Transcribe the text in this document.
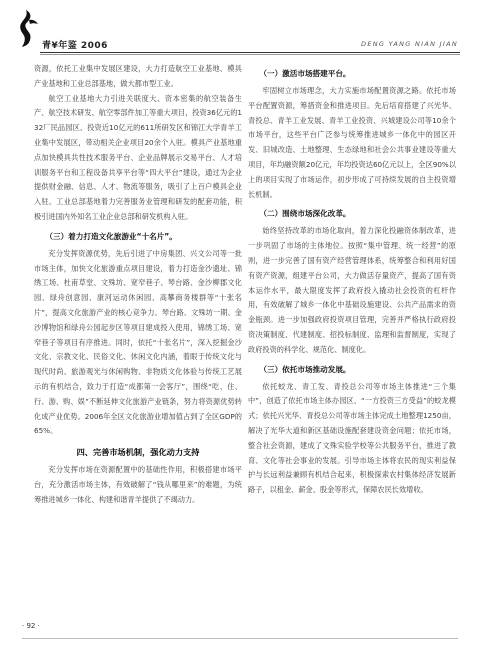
青¥年鉴 2006	DENG YANG NIAN JIAN

资源，依托工业集中发展区建设，大力打造航空工业基地、模具产业基地和工业总部基地，做大都市型工业。

航空工业基地大力引进关联度大、资本密集的航空装备生产、航空技术研发、航空零部件加工等重大项目，投资36亿元的132厂民品园区、投资近10亿元的611所研发区和锦江大学青羊工业集中发展区，带动相关企业项目20余个入驻。模具产业基地重点加快模具共性技术服务平台、企业品牌展示交易平台、人才培训服务平台和工程设备共享平台等“四大平台”建设，通过为企业提供财金融、信息、人才、物流等服务，吸引了上百户模具企业入驻。工业总部基地着力完善服务业管理和研发的配套功能，积极引进国内外知名工业企业总部和研发机构入驻。

（三）着力打造文化旅游业“十名片”。

充分发挥资源优势，先后引进了中房集团、兴文公司等一批市场主体，加快文化旅游重点项目建设，着力打造金沙遗址、锦绣工场、杜甫草堂、文殊坊、宽窄巷子、琴台路、金沙柳郡文化园、绿舟创意园、康河运动休闲园、高攀商务楼群等“十张名片”，提高文化旅游产业的核心竞争力。琴台路、文殊坊一期、金沙博物馆和绿舟公园起步区等项目建成投入使用，锦绣工场、宽窄巷子等项目有序推进。同时，依托“十张名片”，深入挖掘金沙文化、宗教文化、民俗文化、休闲文化内涵，着眼于传统文化与现代时尚、旅游观光与休闲购物、非物质文化体验与传统工艺展示的有机结合，致力于打造“成都第一会客厅”，围绕“吃、住、行、游、购、娱”不断延伸文化旅游产业链条，努力将资源优势转化成产业优势。2006年全区文化旅游业增加值占到了全区GDP的65%。

四、完善市场机制，强化动力支持

充分发挥市场在资源配置中的基础性作用，积极搭建市场平台，充分激活市场主体，有效破解了“钱从哪里来”的难题，为统筹推进城乡一体化、构建和谐青羊提供了不竭动力。

（一）激活市场搭建平台。

牢固树立市场理念，大力实施市场配置资源之路。依托市场平台配置资源，筹措资金和推进项目。先后培育搭建了兴光华、青投总、青羊工业发展、青羊工业投资、兴城建设公司等10余个市场平台，这些平台广泛参与统筹推进城乡一体化中的园区开发、旧城改造、土地整理、生态绿地和社会公共事业建设等重大项目，年均融资额20亿元，年均投资达60亿元以上，全区90%以上的项目实现了市场运作，初步形成了可持续发展的自主投资增长机制。

（二）围绕市场深化改革。

始终坚持改革的市场化取向，着力深化投融资体制改革，进一步巩固了市场的主体地位。按照“集中管理、统一经营”的原则，进一步完善了国有资产经营管理体系，统筹整合和利用好国有资产资源，组建平台公司，大力做活存量资产，提高了国有资本运作水平，最大限度发挥了政府投入撬动社会投资的杠杆作用，有效破解了城乡一体化中基础设施建设、公共产品需求的资金瓶颈。进一步加强政府投资项目管理，完善并严格执行政府投资决策制度、代建制度、招投标制度、监理和监督制度，实现了政府投资的科学化、规范化、制度化。

（三）依托市场推动发展。

依托蛟龙、青工发、青投总公司等市场主体推进“三个集中”，创造了依托市场主体办园区、“一方投资三方受益”的蛟龙模式；依托兴光华、青投总公司等市场主体完成土地整理1250亩，解决了光华大道和新区基础设施配套建设资金问题；依托市场，整合社会资源，建成了文殊实验学校等公共服务平台，推进了教育、文化等社会事业的发展。引导市场主体将农民的现实利益保护与长远利益兼顾有机结合起来，积极探索农村集体经济发展新路子，以租金、薪金、股金等形式，保障农民长效增收。

· 92 ·
